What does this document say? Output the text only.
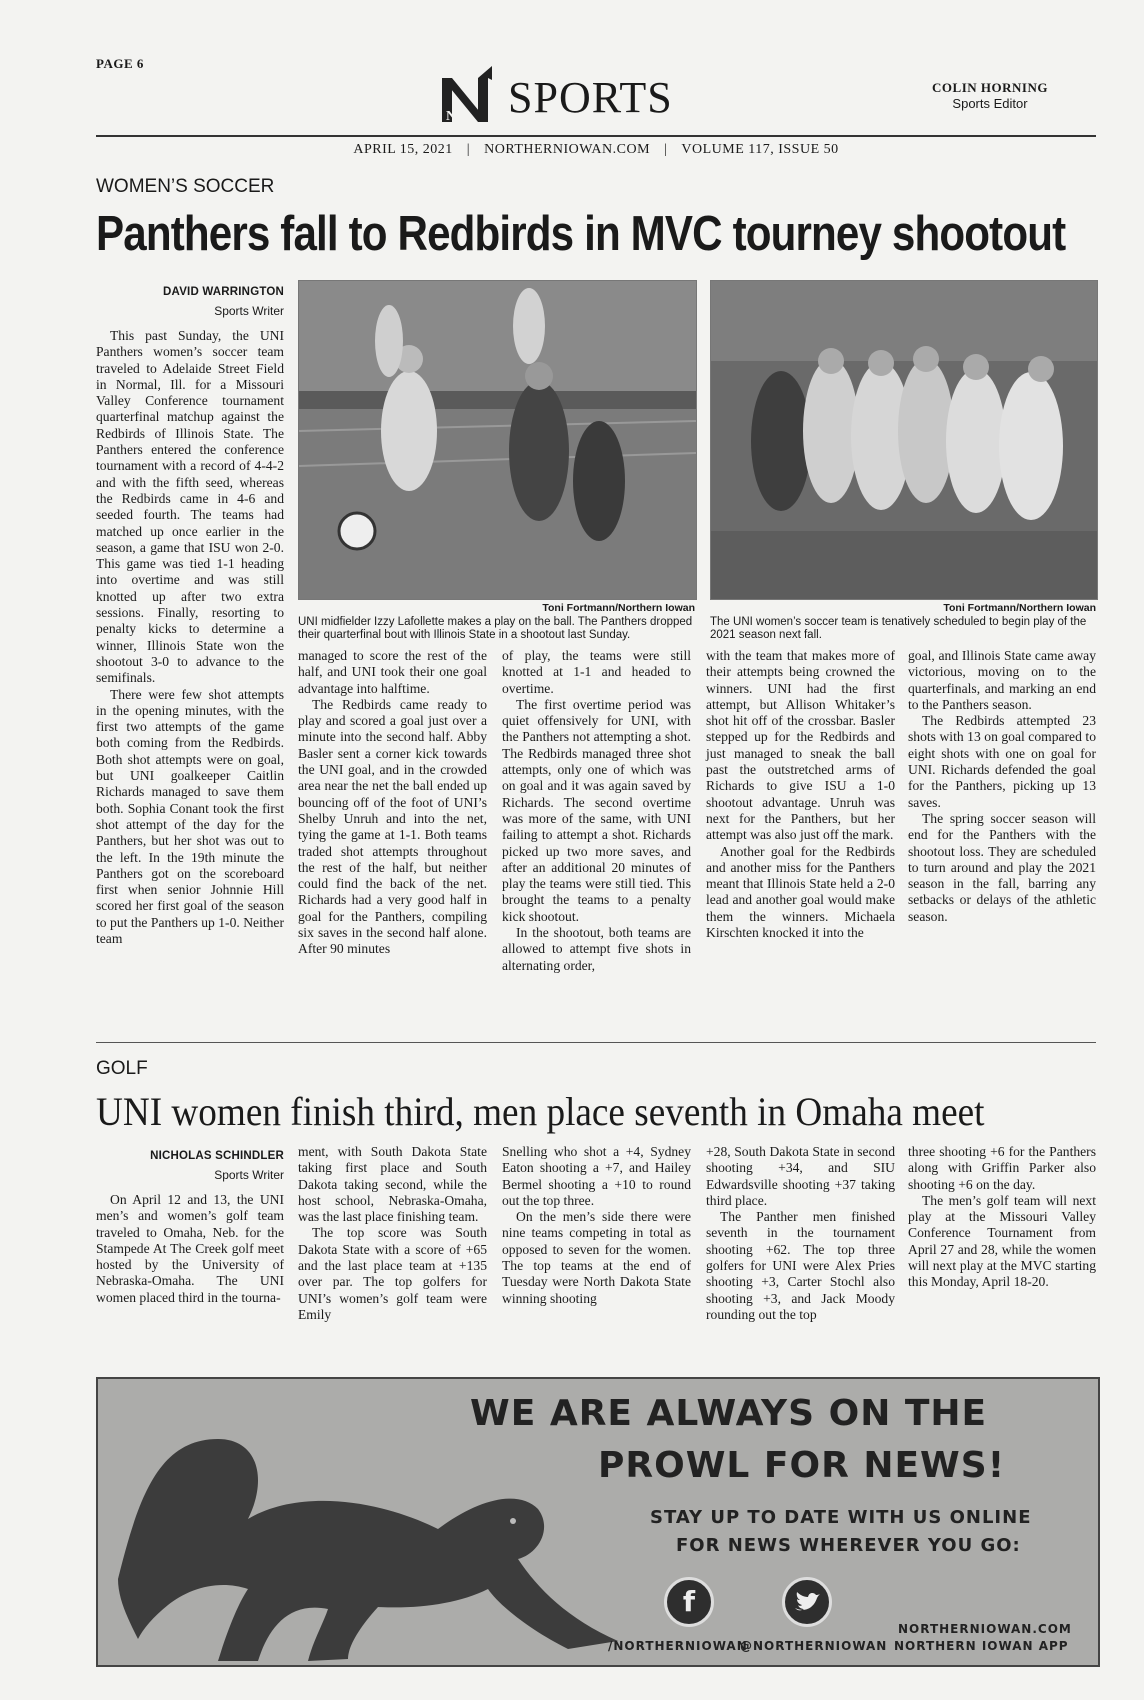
PAGE 6
N SPORTS	COLIN HORNING
Sports Editor
APRIL 15, 2021 | NORTHERNIOWAN.COM | VOLUME 117, ISSUE 50
WOMEN’S SOCCER
Panthers fall to Redbirds in MVC tourney shootout
DAVID WARRINGTON
Sports Writer

This past Sunday, the UNI Panthers women’s soccer team traveled to Adelaide Street Field in Normal, Ill. for a Missouri Valley Conference tournament quarterfinal matchup against the Redbirds of Illinois State. The Panthers entered the conference tournament with a record of 4-4-2 and with the fifth seed, whereas the Redbirds came in 4-6 and seeded fourth. The teams had matched up once earlier in the season, a game that ISU won 2-0. This game was tied 1-1 heading into overtime and was still knotted up after two extra sessions. Finally, resorting to penalty kicks to determine a winner, Illinois State won the shootout 3-0 to advance to the semifinals.

There were few shot attempts in the opening minutes, with the first two attempts of the game both coming from the Redbirds. Both shot attempts were on goal, but UNI goalkeeper Caitlin Richards managed to save them both. Sophia Conant took the first shot attempt of the day for the Panthers, but her shot was out to the left. In the 19th minute the Panthers got on the scoreboard first when senior Johnnie Hill scored her first goal of the season to put the Panthers up 1-0. Neither team

Toni Fortmann/Northern Iowan
UNI midfielder Izzy Lafollette makes a play on the ball. The Panthers dropped their quarterfinal bout with Illinois State in a shootout last Sunday.
Toni Fortmann/Northern Iowan
The UNI women’s soccer team is tenatively scheduled to begin play of the 2021 season next fall.

managed to score the rest of the half, and UNI took their one goal advantage into halftime.

The Redbirds came ready to play and scored a goal just over a minute into the second half. Abby Basler sent a corner kick towards the UNI goal, and in the crowded area near the net the ball ended up bouncing off of the foot of UNI’s Shelby Unruh and into the net, tying the game at 1-1. Both teams traded shot attempts throughout the rest of the half, but neither could find the back of the net. Richards had a very good half in goal for the Panthers, compiling six saves in the second half alone. After 90 minutes

of play, the teams were still knotted at 1-1 and headed to overtime.

The first overtime period was quiet offensively for UNI, with the Panthers not attempting a shot. The Redbirds managed three shot attempts, only one of which was on goal and it was again saved by Richards. The second overtime was more of the same, with UNI failing to attempt a shot. Richards picked up two more saves, and after an additional 20 minutes of play the teams were still tied. This brought the teams to a penalty kick shootout.

In the shootout, both teams are allowed to attempt five shots in alternating order,

with the team that makes more of their attempts being crowned the winners. UNI had the first attempt, but Allison Whitaker’s shot hit off of the crossbar. Basler stepped up for the Redbirds and just managed to sneak the ball past the outstretched arms of Richards to give ISU a 1-0 shootout advantage. Unruh was next for the Panthers, but her attempt was also just off the mark.

Another goal for the Redbirds and another miss for the Panthers meant that Illinois State held a 2-0 lead and another goal would make them the winners. Michaela Kirschten knocked it into the

goal, and Illinois State came away victorious, moving on to the quarterfinals, and marking an end to the Panthers season.

The Redbirds attempted 23 shots with 13 on goal compared to eight shots with one on goal for UNI. Richards defended the goal for the Panthers, picking up 13 saves.

The spring soccer season will end for the Panthers with the shootout loss. They are scheduled to turn around and play the 2021 season in the fall, barring any setbacks or delays of the athletic season.

GOLF
UNI women finish third, men place seventh in Omaha meet
NICHOLAS SCHINDLER
Sports Writer

On April 12 and 13, the UNI men’s and women’s golf team traveled to Omaha, Neb. for the Stampede At The Creek golf meet hosted by the University of Nebraska-Omaha. The UNI women placed third in the tourna-

ment, with South Dakota State taking first place and South Dakota taking second, while the host school, Nebraska-Omaha, was the last place finishing team.

The top score was South Dakota State with a score of +65 and the last place team at +135 over par. The top golfers for UNI’s women’s golf team were Emily

Snelling who shot a +4, Sydney Eaton shooting a +7, and Hailey Bermel shooting a +10 to round out the top three.

On the men’s side there were nine teams competing in total as opposed to seven for the women. The top teams at the end of Tuesday were North Dakota State winning shooting

+28, South Dakota State in second shooting +34, and SIU Edwardsville shooting +37 taking third place.

The Panther men finished seventh in the tournament shooting +62. The top three golfers for UNI were Alex Pries shooting +3, Carter Stochl also shooting +3, and Jack Moody rounding out the top

three shooting +6 for the Panthers along with Griffin Parker also shooting +6 on the day.

The men’s golf team will next play at the Missouri Valley Conference Tournament from April 27 and 28, while the women will next play at the MVC starting this Monday, April 18-20.

WE ARE ALWAYS ON THE
PROWL FOR NEWS!
STAY UP TO DATE WITH US ONLINE
FOR NEWS WHEREVER YOU GO:
f
/NORTHERNIOWAN
@NORTHERNIOWAN
NORTHERNIOWAN.COM
NORTHERN IOWAN APP
